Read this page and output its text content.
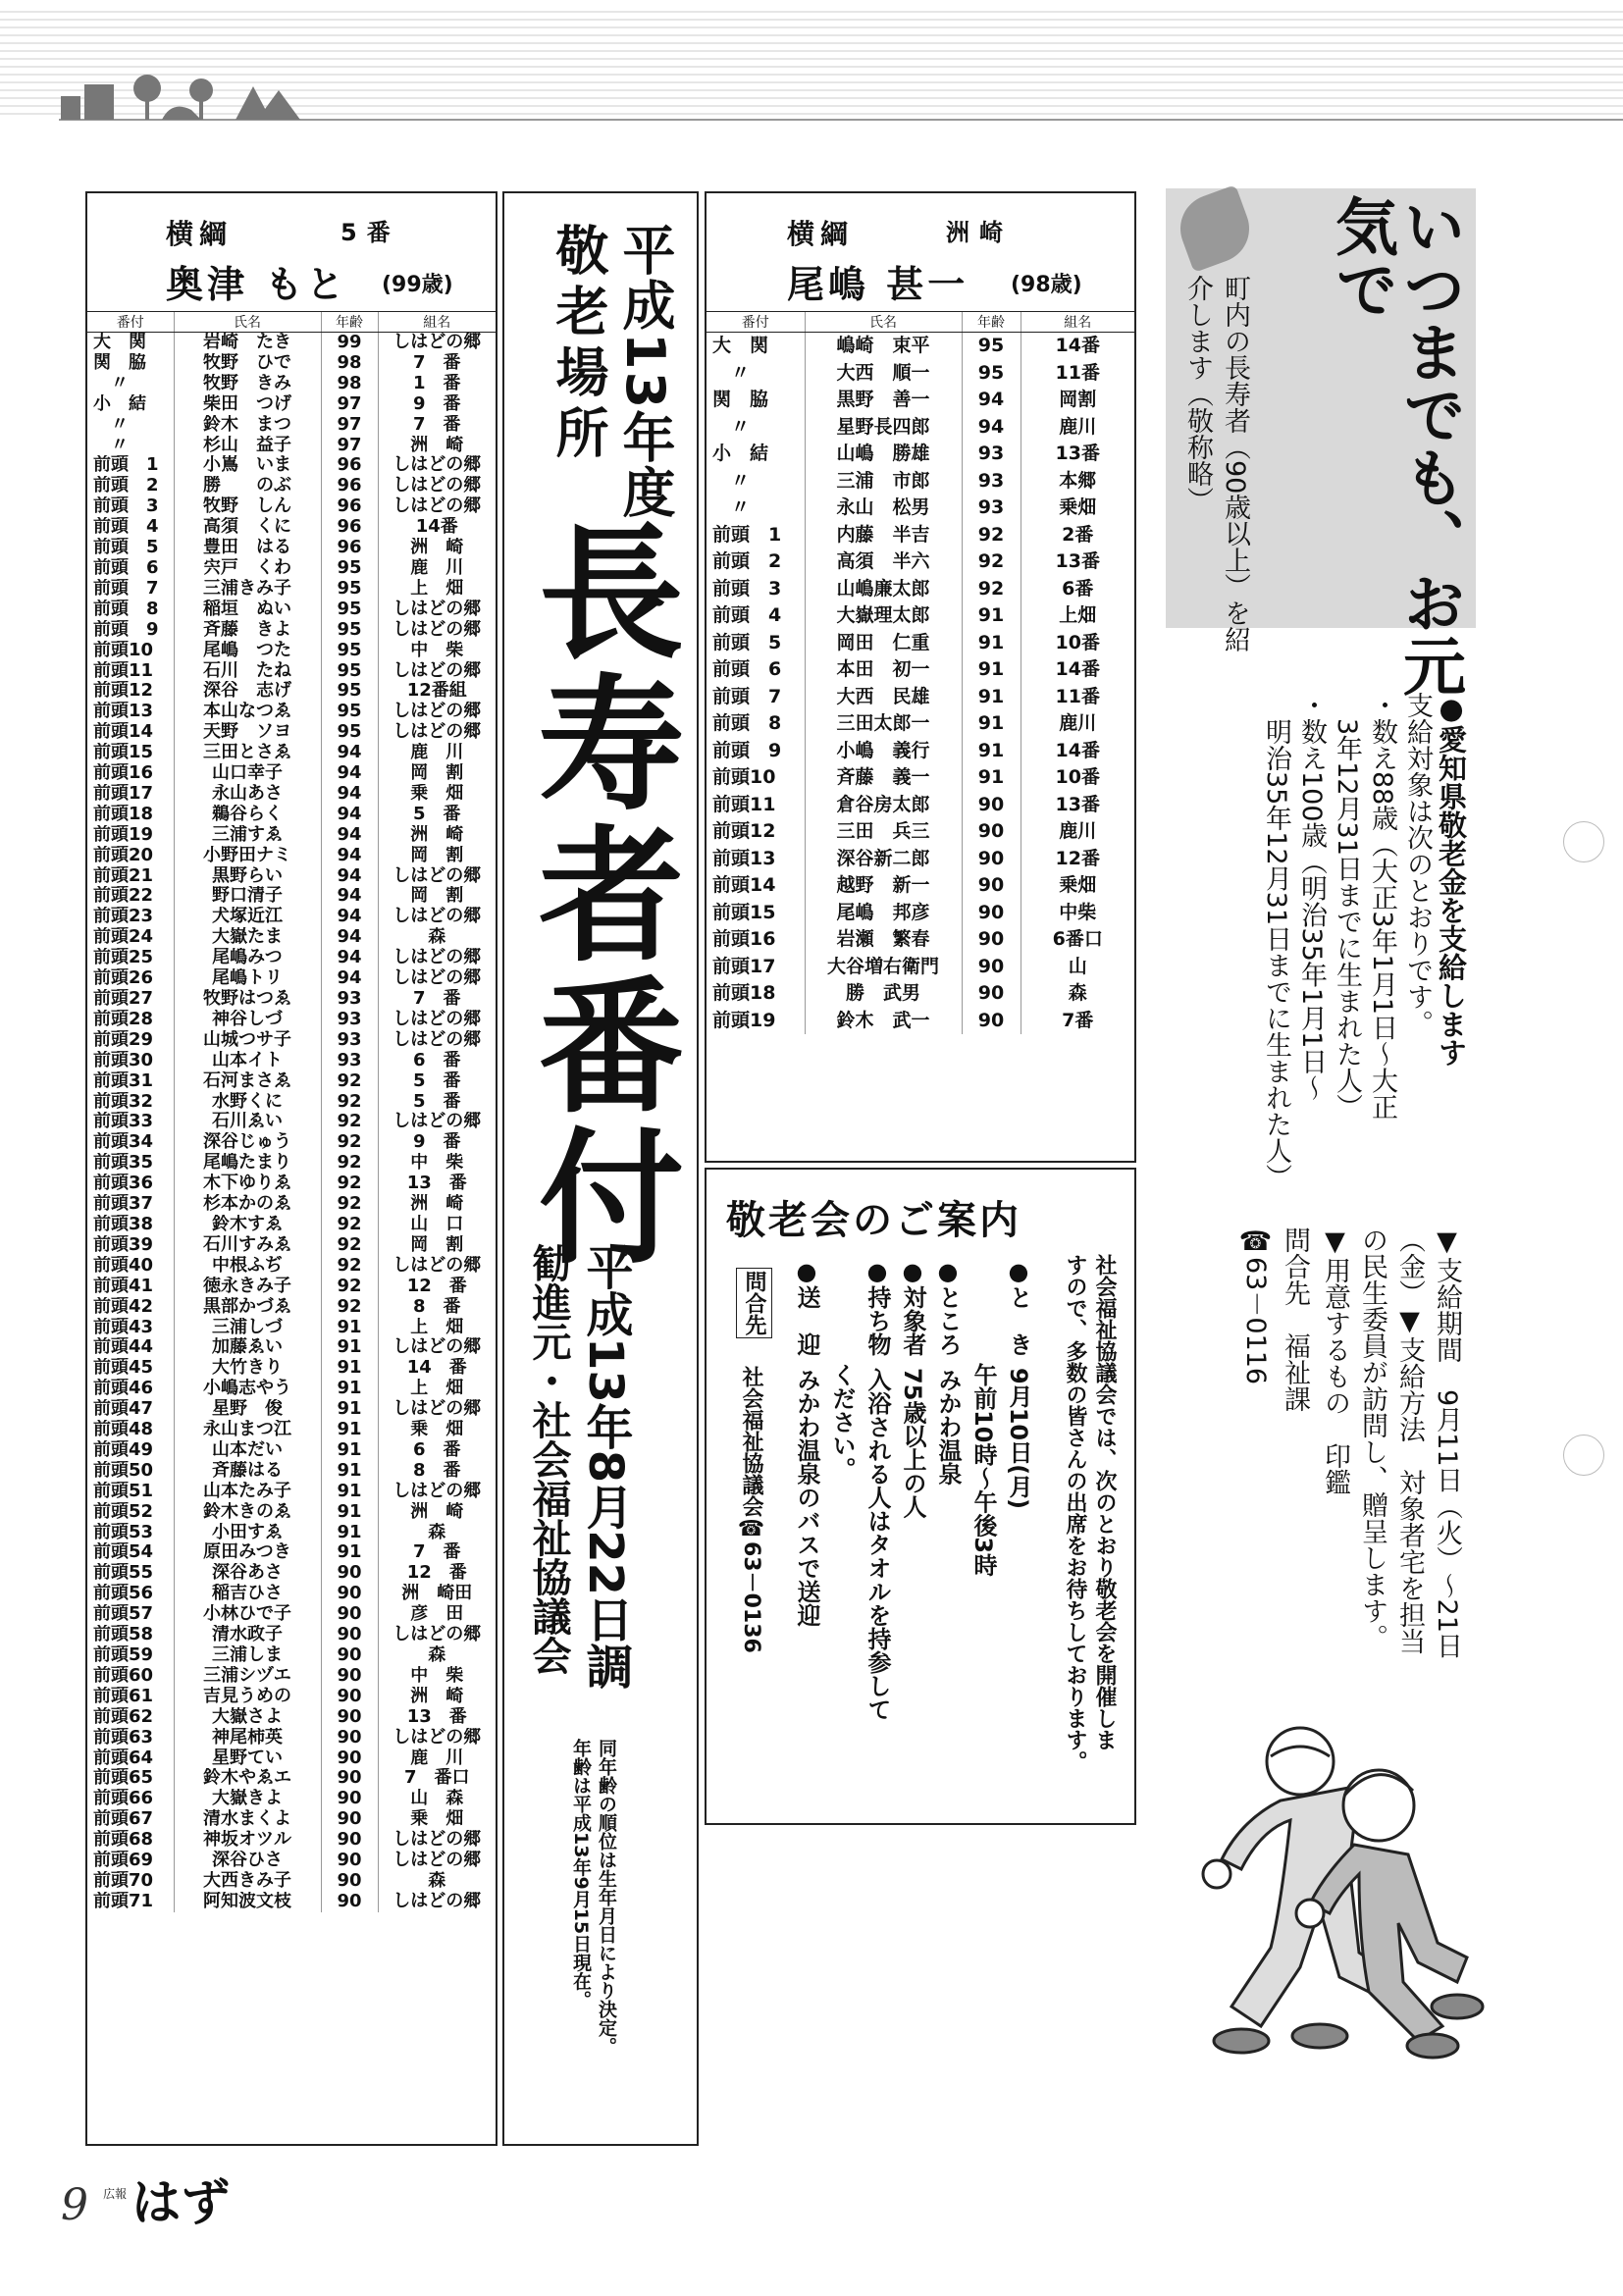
横綱	5番
奥津 もと (99歳)
番付	氏名	年齢	組名
大　関	岩崎　たき	99	しはどの郷
関　脇	牧野　ひで	98	7　番
　〃	牧野　きみ	98	1　番
小　結	柴田　つげ	97	9　番
　〃	鈴木　まつ	97	7　番
　〃	杉山　益子	97	洲　崎
前頭　1	小嶌　いま	96	しはどの郷
前頭　2	勝　　のぶ	96	しはどの郷
前頭　3	牧野　しん	96	しはどの郷
前頭　4	高須　くに	96	14番
前頭　5	豊田　はる	96	洲　崎
前頭　6	宍戸　くわ	95	鹿　川
前頭　7	三浦きみ子	95	上　畑
前頭　8	稲垣　ぬい	95	しはどの郷
前頭　9	斉藤　きよ	95	しはどの郷
前頭10	尾嶋　つた	95	中　柴
前頭11	石川　たね	95	しはどの郷
前頭12	深谷　志げ	95	12番組
前頭13	本山なつゑ	95	しはどの郷
前頭14	天野　ソヨ	95	しはどの郷
前頭15	三田とさゑ	94	鹿　川
前頭16	山口幸子	94	岡　割
前頭17	永山あさ	94	乗　畑
前頭18	鵜谷らく	94	5　番
前頭19	三浦すゑ	94	洲　崎
前頭20	小野田ナミ	94	岡　割
前頭21	黒野らい	94	しはどの郷
前頭22	野口清子	94	岡　割
前頭23	犬塚近江	94	しはどの郷
前頭24	大嶽たま	94	森
前頭25	尾嶋みつ	94	しはどの郷
前頭26	尾嶋トリ	94	しはどの郷
前頭27	牧野はつゑ	93	7　番
前頭28	神谷しづ	93	しはどの郷
前頭29	山城つサ子	93	しはどの郷
前頭30	山本イト	93	6　番
前頭31	石河まさゑ	92	5　番
前頭32	水野くに	92	5　番
前頭33	石川ゑい	92	しはどの郷
前頭34	深谷じゅう	92	9　番
前頭35	尾嶋たまり	92	中　柴
前頭36	木下ゆりゑ	92	13　番
前頭37	杉本かのゑ	92	洲　崎
前頭38	鈴木すゑ	92	山　口
前頭39	石川すみゑ	92	岡　割
前頭40	中根ふぢ	92	しはどの郷
前頭41	徳永きみ子	92	12　番
前頭42	黒部かづゑ	92	8　番
前頭43	三浦しづ	91	上　畑
前頭44	加藤ゑい	91	しはどの郷
前頭45	大竹きり	91	14　番
前頭46	小嶋志やう	91	上　畑
前頭47	星野　俊	91	しはどの郷
前頭48	永山まつ江	91	乗　畑
前頭49	山本だい	91	6　番
前頭50	斉藤はる	91	8　番
前頭51	山本たみ子	91	しはどの郷
前頭52	鈴木きのゑ	91	洲　崎
前頭53	小田すゑ	91	森
前頭54	原田みつき	91	7　番
前頭55	深谷あさ	90	12　番
前頭56	稲吉ひさ	90	洲　崎田
前頭57	小林ひで子	90	彦　田
前頭58	清水政子	90	しはどの郷
前頭59	三浦しま	90	森
前頭60	三浦シヅエ	90	中　柴
前頭61	吉見うめの	90	洲　崎
前頭62	大嶽さよ	90	13　番
前頭63	神尾柿英	90	しはどの郷
前頭64	星野てい	90	鹿　川
前頭65	鈴木やゑエ	90	7　番口
前頭66	大嶽きよ	90	山　森
前頭67	清水まくよ	90	乗　畑
前頭68	神坂オツル	90	しはどの郷
前頭69	深谷ひさ	90	しはどの郷
前頭70	大西きみ子	90	森
前頭71	阿知波文枝	90	しはどの郷
平成13年度
敬老場所
長寿者番付
勧進元・社会福祉協議会 平成13年8月22日調
年齢は平成13年9月15日現在。 同年齢の順位は生年月日により決定。
横綱	洲崎
尾嶋 甚一 (98歳)
番付	氏名	年齢	組名
大　関	嶋崎　束平	95	14番
　〃	大西　順一	95	11番
関　脇	黒野　善一	94	岡割
　〃	星野長四郎	94	鹿川
小　結	山嶋　勝雄	93	13番
　〃	三浦　市郎	93	本郷
　〃	永山　松男	93	乗畑
前頭　1	内藤　半吉	92	2番
前頭　2	高須　半六	92	13番
前頭　3	山嶋廉太郎	92	6番
前頭　4	大嶽理太郎	91	上畑
前頭　5	岡田　仁重	91	10番
前頭　6	本田　初一	91	14番
前頭　7	大西　民雄	91	11番
前頭　8	三田太郎一	91	鹿川
前頭　9	小嶋　義行	91	14番
前頭10	斉藤　義一	91	10番
前頭11	倉谷房太郎	90	13番
前頭12	三田　兵三	90	鹿川
前頭13	深谷新二郎	90	12番
前頭14	越野　新一	90	乗畑
前頭15	尾嶋　邦彦	90	中柴
前頭16	岩瀬　繁春	90	6番口
前頭17	大谷増右衛門	90	山
前頭18	勝　武男	90	森
前頭19	鈴木　武一	90	7番
敬老会のご案内
社会福祉協議会では、次のとおり敬老会を開催しま
すので、多数の皆さんの出席をお待ちしております。
●と　き9月10日(月)
午前10時～午後3時
●ところみかわ温泉
●対象者75歳以上の人
●持ち物入浴される人はタオルを持参して
ください。
●送　迎みかわ温泉のバスで送迎
問合先
社会福祉協議会☎63－0136
いつまでも、お元
気で
町内の長寿者（90歳以上）を紹
介します（敬称略）
●愛知県敬老金を支給します
支給対象は次のとおりです。
・数え88歳（大正3年1月1日～大正
　3年12月31日までに生まれた人）
・数え100歳（明治35年1月1日～
　明治35年12月31日までに生まれた人）
▼支給期間　9月11日（火）～21日
（金）▼支給方法　対象者宅を担当
の民生委員が訪問し、贈呈します。
▼用意するもの　印鑑
問合先　福祉課
☎63－0116
9 $^{広報}$ はず
